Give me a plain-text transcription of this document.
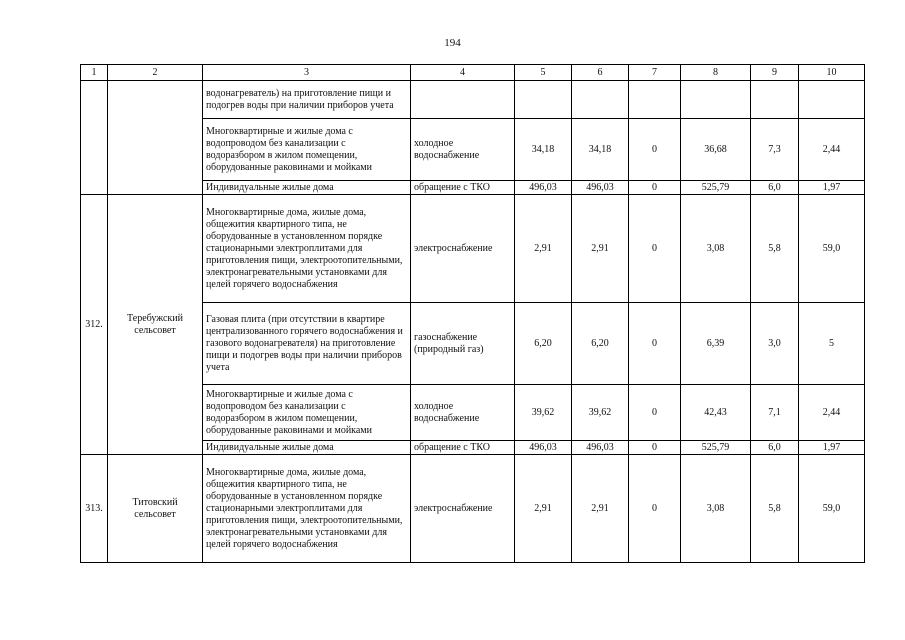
194
1	2	3	4	5	6	7	8	9	10
		водонагреватель) на приготовление пищи и подогрев воды при наличии приборов учета							
		Многоквартирные и жилые дома с водопроводом без канализации с водоразбором в жилом помещении, оборудованные раковинами и мойками	холодное водоснабжение	34,18	34,18	0	36,68	7,3	2,44
		Индивидуальные жилые дома	обращение с ТКО	496,03	496,03	0	525,79	6,0	1,97
312.	Теребужский сельсовет	Многоквартирные дома, жилые дома, общежития квартирного типа, не оборудованные в установленном порядке стационарными электроплитами для приготовления пищи, электроотопительными, электронагревательными установками для целей горячего водоснабжения	электроснабжение	2,91	2,91	0	3,08	5,8	59,0
		Газовая плита (при отсутствии в квартире централизованного горячего водоснабжения и газового водонагревателя) на приготовление пищи и подогрев воды при наличии приборов учета	газоснабжение (природный газ)	6,20	6,20	0	6,39	3,0	5
		Многоквартирные и жилые дома с водопроводом без канализации с водоразбором в жилом помещении, оборудованные раковинами и мойками	холодное водоснабжение	39,62	39,62	0	42,43	7,1	2,44
		Индивидуальные жилые дома	обращение с ТКО	496,03	496,03	0	525,79	6,0	1,97
313.	Титовский сельсовет	Многоквартирные дома, жилые дома, общежития квартирного типа, не оборудованные в установленном порядке стационарными электроплитами для приготовления пищи, электроотопительными, электронагревательными установками для целей горячего водоснабжения	электроснабжение	2,91	2,91	0	3,08	5,8	59,0
